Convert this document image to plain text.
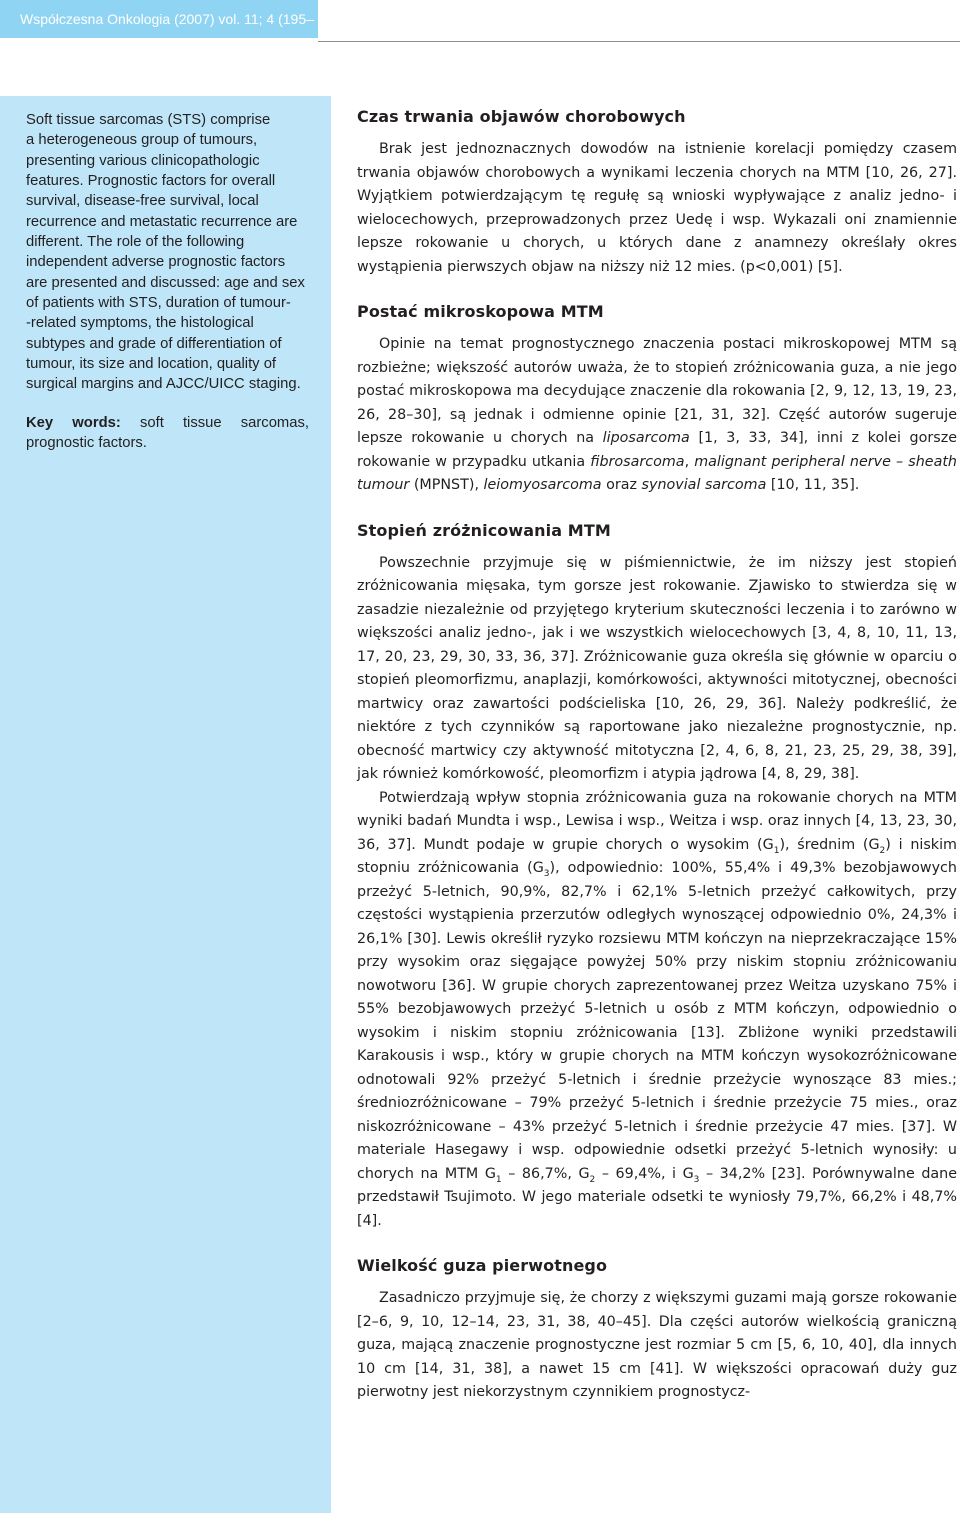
Współczesna Onkologia (2007) vol. 11; 4 (195–199)
Soft tissue sarcomas (STS) comprise
a heterogeneous group of tumours,
presenting various clinicopathologic
features. Prognostic factors for overall
survival, disease-free survival, local
recurrence and metastatic recurrence are
different. The role of the following
independent adverse prognostic factors
are presented and discussed: age and sex
of patients with STS, duration of tumour-
-related symptoms, the histological
subtypes and grade of differentiation of
tumour, its size and location, quality of
surgical margins and AJCC/UICC staging.
Key words: soft tissue sarcomas, prognostic factors.
Czas trwania objawów chorobowych

Brak jest jednoznacznych dowodów na istnienie korelacji pomiędzy czasem trwania objawów chorobowych a wynikami leczenia chorych na MTM [10, 26, 27]. Wyjątkiem potwierdzającym tę regułę są wnioski wypływające z analiz jedno- i wielocechowych, przeprowadzonych przez Uedę i wsp. Wykazali oni znamiennie lepsze rokowanie u chorych, u których dane z anamnezy określały okres wystąpienia pierwszych objaw na niższy niż 12 mies. (p<0,001) [5].

Postać mikroskopowa MTM

Opinie na temat prognostycznego znaczenia postaci mikroskopowej MTM są rozbieżne; większość autorów uważa, że to stopień zróżnicowania guza, a nie jego postać mikroskopowa ma decydujące znaczenie dla rokowania [2, 9, 12, 13, 19, 23, 26, 28–30], są jednak i odmienne opinie [21, 31, 32]. Część autorów sugeruje lepsze rokowanie u chorych na liposarcoma [1, 3, 33, 34], inni z kolei gorsze rokowanie w przypadku utkania fibrosarcoma, malignant peripheral nerve – sheath tumour (MPNST), leiomyosarcoma oraz synovial sarcoma [10, 11, 35].

Stopień zróżnicowania MTM

Powszechnie przyjmuje się w piśmiennictwie, że im niższy jest stopień zróżnicowania mięsaka, tym gorsze jest rokowanie. Zjawisko to stwierdza się w zasadzie niezależnie od przyjętego kryterium skuteczności leczenia i to zarówno w większości analiz jedno-, jak i we wszystkich wielocechowych [3, 4, 8, 10, 11, 13, 17, 20, 23, 29, 30, 33, 36, 37]. Zróżnicowanie guza określa się głównie w oparciu o stopień pleomorfizmu, anaplazji, komórkowości, aktywności mitotycznej, obecności martwicy oraz zawartości podścieliska [10, 26, 29, 36]. Należy podkreślić, że niektóre z tych czynników są raportowane jako niezależne prognostycznie, np. obecność martwicy czy aktywność mitotyczna [2, 4, 6, 8, 21, 23, 25, 29, 38, 39], jak również komórkowość, pleomorfizm i atypia jądrowa [4, 8, 29, 38].

Potwierdzają wpływ stopnia zróżnicowania guza na rokowanie chorych na MTM wyniki badań Mundta i wsp., Lewisa i wsp., Weitza i wsp. oraz innych [4, 13, 23, 30, 36, 37]. Mundt podaje w grupie chorych o wysokim $(G_1)$, średnim $(G_2)$ i niskim stopniu zróżnicowania $(G_3)$, odpowiednio: 100%, 55,4% i 49,3% bezobjawowych przeżyć 5-letnich, 90,9%, 82,7% i 62,1% 5-letnich przeżyć całkowitych, przy częstości wystąpienia przerzutów odległych wynoszącej odpowiednio 0%, 24,3% i 26,1% [30]. Lewis określił ryzyko rozsiewu MTM kończyn na nieprzekraczające 15% przy wysokim oraz sięgające powyżej 50% przy niskim stopniu zróżnicowaniu nowotworu [36]. W grupie chorych zaprezentowanej przez Weitza uzyskano 75% i 55% bezobjawowych przeżyć 5-letnich u osób z MTM kończyn, odpowiednio o wysokim i niskim stopniu zróżnicowania [13]. Zbliżone wyniki przedstawili Karakousis i wsp., który w grupie chorych na MTM kończyn wysokozróżnicowane odnotowali 92% przeżyć 5-letnich i średnie przeżycie wynoszące 83 mies.; średniozróżnicowane – 79% przeżyć 5-letnich i średnie przeżycie 75 mies., oraz niskozróżnicowane – 43% przeżyć 5-letnich i średnie przeżycie 47 mies. [37]. W materiale Hasegawy i wsp. odpowiednie odsetki przeżyć 5-letnich wynosiły: u chorych na MTM $G_1 - 86,7\%$, $G_2 - 69,4\%$, i $G_3 - 34,2\%$ [23]. Porównywalne dane przedstawił Tsujimoto. W jego materiale odsetki te wyniosły 79,7%, 66,2% i 48,7% [4].

Wielkość guza pierwotnego

Zasadniczo przyjmuje się, że chorzy z większymi guzami mają gorsze rokowanie [2–6, 9, 10, 12–14, 23, 31, 38, 40–45]. Dla części autorów wielkością graniczną guza, mającą znaczenie prognostyczne jest rozmiar 5 cm [5, 6, 10, 40], dla innych 10 cm [14, 31, 38], a nawet 15 cm [41]. W większości opracowań duży guz pierwotny jest niekorzystnym czynnikiem prognostycz-
